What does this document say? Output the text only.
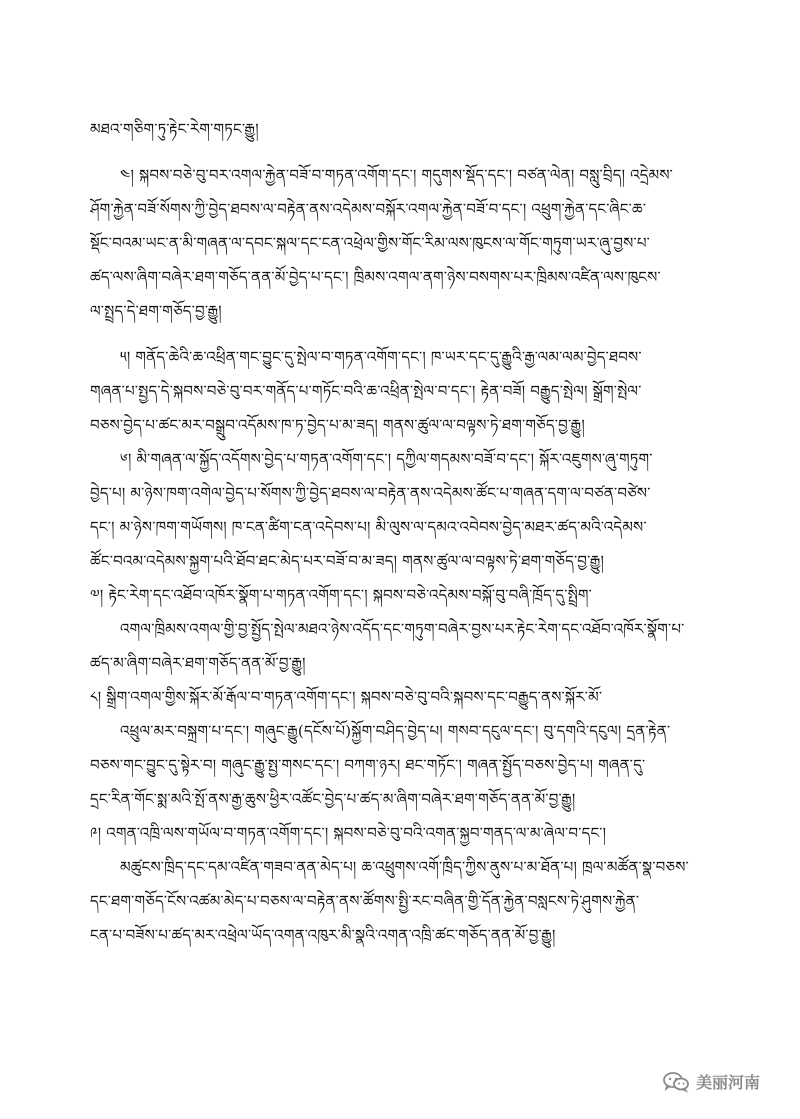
མཐའ་གཅིག་ཏུ་རྟེང་རེག་གཏང་རྒྱུ།
༤། སྐབས་བཅེ་བུ་བར་འགལ་རྐྱེན་བཟོ་བ་གཏན་འགོག་དང་། གདུགས་སྡོད་དང་། བཙན་ལེན། བསླུ་བྲིད། འདྲེམས་
ཤོག་རྐྱེན་བཟོ་སོགས་ཀྱི་བྱེད་ཐབས་ལ་བརྟེན་ནས་འདེམས་བསྐོར་འགལ་རྐྱེན་བཟོ་བ་དང་། འཕྲུག་རྐྱེན་དང་ཞིང་ཆ་
སྡོང་བའམ་ཡང་ན་མི་གཞན་ལ་དབང་སྐལ་དང་ངན་འཕྲེལ་གྱིས་གོང་རིམ་ལས་ཁུངས་ལ་གོང་གཏུག་ཡར་ཞུ་བྱས་པ་
ཚད་ལས་ཞིག་བཞེར་ཐག་གཅོད་ནན་མོ་བྱེད་པ་དང་། ཁྲིམས་འགལ་ནག་ཉེས་བསགས་པར་ཁྲིམས་འཛིན་ལས་ཁུངས་
ལ་སྤྲད་དེ་ཐག་གཅོད་བྱ་རྒྱུ།
༥། གནོད་ཆེའི་ཆ་འཕྲིན་གང་བྱུང་དུ་སྤེལ་བ་གཏན་འགོག་དང་། ཁ་ཡར་དང་དུ་རྒྱུའི་རྒྱ་ལམ་ལམ་བྱེད་ཐབས་
གཞན་པ་སྤྱད་དེ་སྐབས་བཅེ་བུ་བར་གནོད་པ་གཏོང་བའི་ཆ་འཕྲིན་སྤེལ་བ་དང་། རྟེན་བཟོ། བརྒྱུད་སྤེལ། སྒྲོག་སྤེལ་
བཅས་བྱེད་པ་ཚང་མར་བསྒྲུབ་འདོམས་ཁ་ཏ་བྱེད་པ་མ་ཟད། གནས་ཚུལ་ལ་བལྟས་ཏེ་ཐག་གཅོད་བྱ་རྒྱུ།
༦། མི་གཞན་ལ་སྐྱོད་འདོགས་བྱེད་པ་གཏན་འགོག་དང་། དཀྱིལ་གདམས་བཟོ་བ་དང་། སྐོར་འཇུགས་ཞུ་གཏུག་
བྱེད་པ། མ་ཉེས་ཁག་འགེལ་བྱེད་པ་སོགས་ཀྱི་བྱེད་ཐབས་ལ་བརྟེན་ནས་འདེམས་ཚོང་པ་གཞན་དག་ལ་བཙན་བཙེས་
དང་། མ་ཉེས་ཁག་གཡོགས། ཁ་ངན་ཚིག་ངན་འདེབས་པ། མི་ལུས་ལ་དམའ་འབེབས་བྱེད་མཐར་ཚད་མའི་འདེམས་
ཚོང་བའམ་འདེམས་སྐྱག་པའི་ཐོབ་ཐང་མེད་པར་བཟོ་བ་མ་ཟད། གནས་ཚུལ་ལ་བལྟས་ཏེ་ཐག་གཅོད་བྱ་རྒྱུ།
༧། རྟེང་རེག་དང་འཐོབ་འཁོར་སྣོག་པ་གཏན་འགོག་དང་། སྐབས་བཅེ་འདེམས་བསྐོ་བུ་བཞི་ཁྲོད་དུ་སྤྲིག་
འགལ་ཁྲིམས་འགལ་གྱི་བྱ་སྤྱོད་སྤེལ་མཐའ་ཉེས་འདོད་དང་གཏུག་བཞེར་བྱས་པར་རྟེང་རེག་དང་འཐོབ་འཁོར་སྣོག་པ་
ཚད་མ་ཞིག་བཞེར་ཐག་གཅོད་ནན་མོ་བྱ་རྒྱུ།
༨། སྒྲིག་འགལ་གྱིས་སྐོར་མོ་རྒོལ་བ་གཏན་འགོག་དང་། སྐབས་བཅེ་བུ་བའི་སྐབས་དང་བརྒྱུད་ནས་སྐོར་མོ་
འཕྲུལ་མར་བསྐྲག་པ་དང་། གཞུང་རྒྱུ(དངོས་པོ)སྐྱོག་བཤིད་བྱེད་པ། གསབ་དངུལ་དང་། བུ་དགའི་དངུལ། དྲན་རྟེན་
བཅས་གང་བྱུང་དུ་སྟེར་བ། གཞུང་རྒྱུ་སྤྱ་གསང་དང་། བཀག་ཉར། ཐང་གཏོང་། གཞན་སྤྱོད་བཅས་བྱེད་པ། གཞན་དུ་
དྲང་རིན་གོང་སྨ་མའི་སྤོ་ནས་རྒྱ་ཆུས་ཕྱིར་འཚོང་བྱེད་པ་ཚད་མ་ཞིག་བཞེར་ཐག་གཅོད་ནན་མོ་བྱ་རྒྱུ།
༩། འགན་འཁྲི་ལས་གཡོལ་བ་གཏན་འགོག་དང་། སྐབས་བཅེ་བུ་བའི་འགན་སྐྱབ་གནད་ལ་མ་ཞེལ་བ་དང་།
མཚུངས་ཁྲིད་དང་དམ་འཛིན་གཟབ་ནན་མེད་པ། ཆ་འཕྲུགས་འགོ་ཁྲིད་ཀྱིས་ནུས་པ་མ་ཐོན་པ། ཁྲལ་མཚོན་སྣ་བཅས་
དང་ཐག་གཅོད་ངོས་འཚམ་མེད་པ་བཅས་ལ་བརྟེན་ནས་ཚོགས་སྤྱི་རང་བཞིན་གྱི་དོན་རྐྱེན་བསླངས་ཏེ་ཤུགས་རྐྱེན་
ངན་པ་བཟོས་པ་ཚད་མར་འཕྲེལ་ཡོད་འགན་འཁུར་མི་སྣའི་འགན་འཁྲི་ཚང་གཅོད་ནན་མོ་བྱ་རྒྱུ།
美丽河南
